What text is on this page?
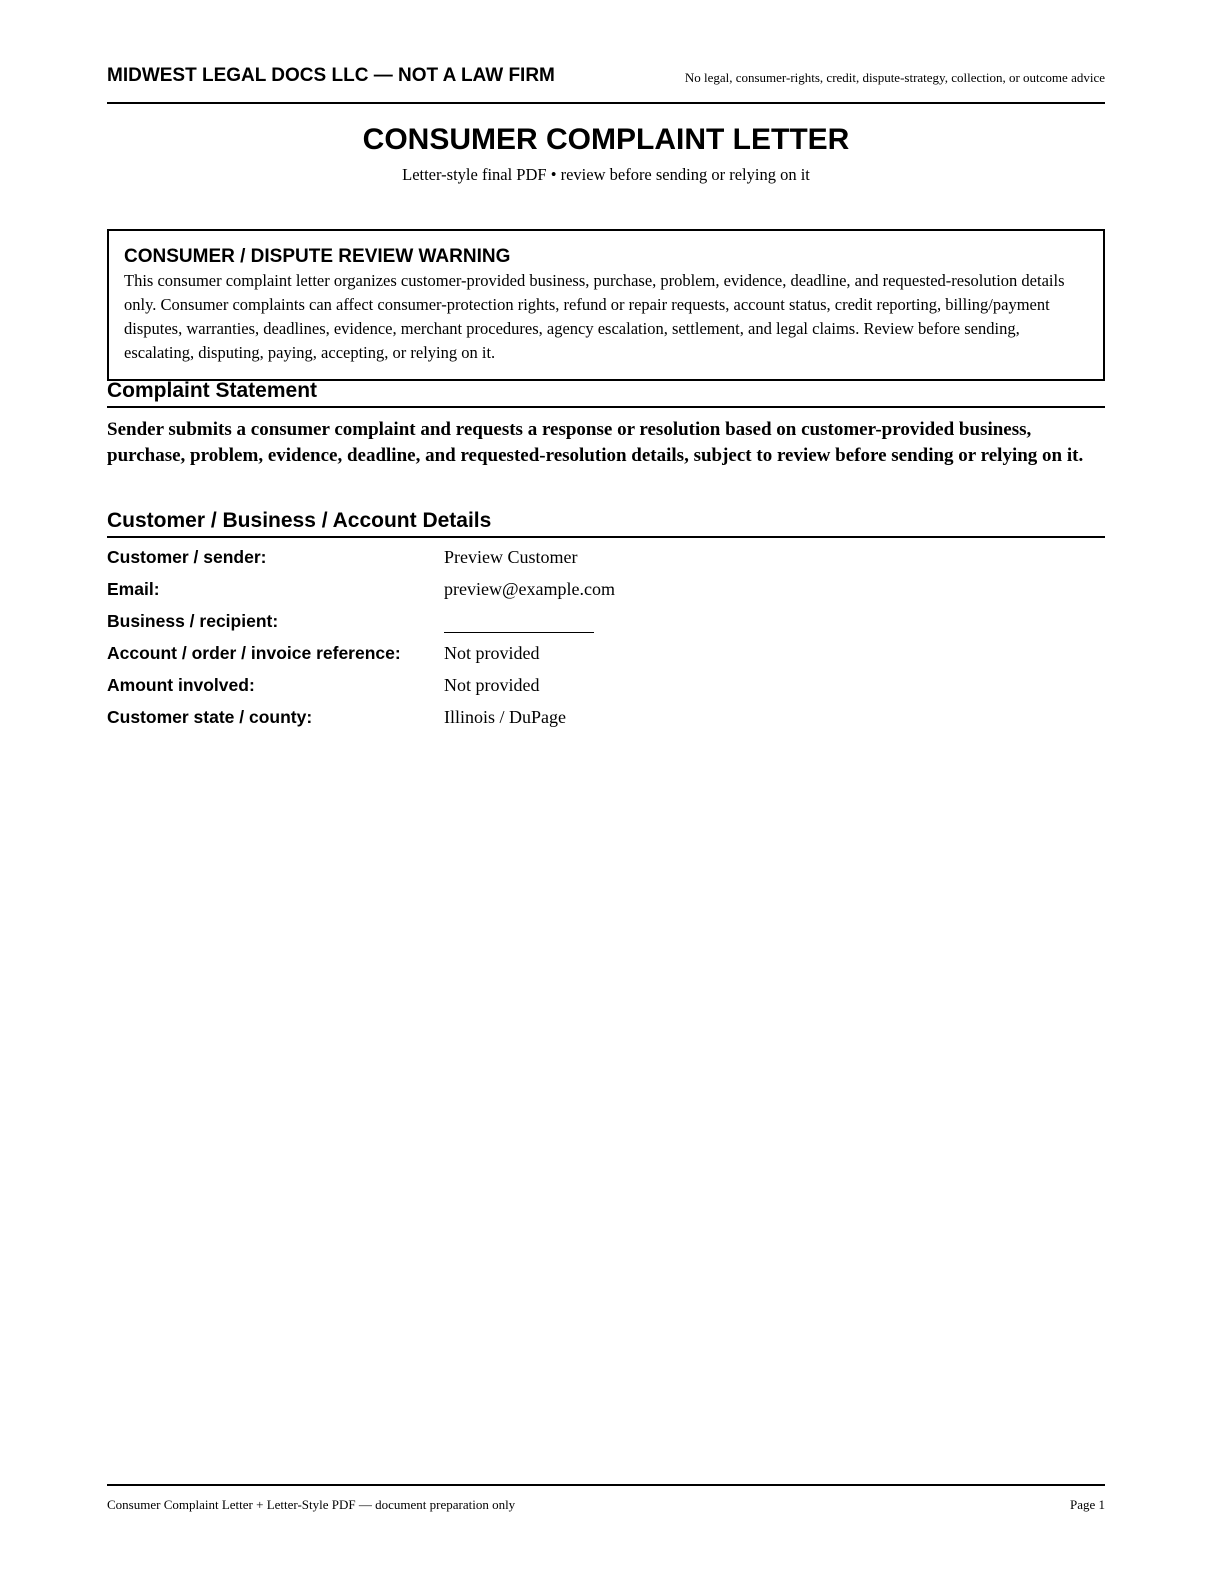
MIDWEST LEGAL DOCS LLC — NOT A LAW FIRM	No legal, consumer-rights, credit, dispute-strategy, collection, or outcome advice
CONSUMER COMPLAINT LETTER
Letter-style final PDF • review before sending or relying on it
CONSUMER / DISPUTE REVIEW WARNING
This consumer complaint letter organizes customer-provided business, purchase, problem, evidence, deadline, and requested-resolution details only. Consumer complaints can affect consumer-protection rights, refund or repair requests, account status, credit reporting, billing/payment disputes, warranties, deadlines, evidence, merchant procedures, agency escalation, settlement, and legal claims. Review before sending, escalating, disputing, paying, accepting, or relying on it.
Complaint Statement
Sender submits a consumer complaint and requests a response or resolution based on customer-provided business, purchase, problem, evidence, deadline, and requested-resolution details, subject to review before sending or relying on it.
Customer / Business / Account Details
Customer / sender:	Preview Customer
Email:	preview@example.com
Business / recipient:
Account / order / invoice reference: Not provided
Amount involved:	Not provided
Customer state / county:	Illinois / DuPage
Consumer Complaint Letter + Letter-Style PDF — document preparation only	Page 1
